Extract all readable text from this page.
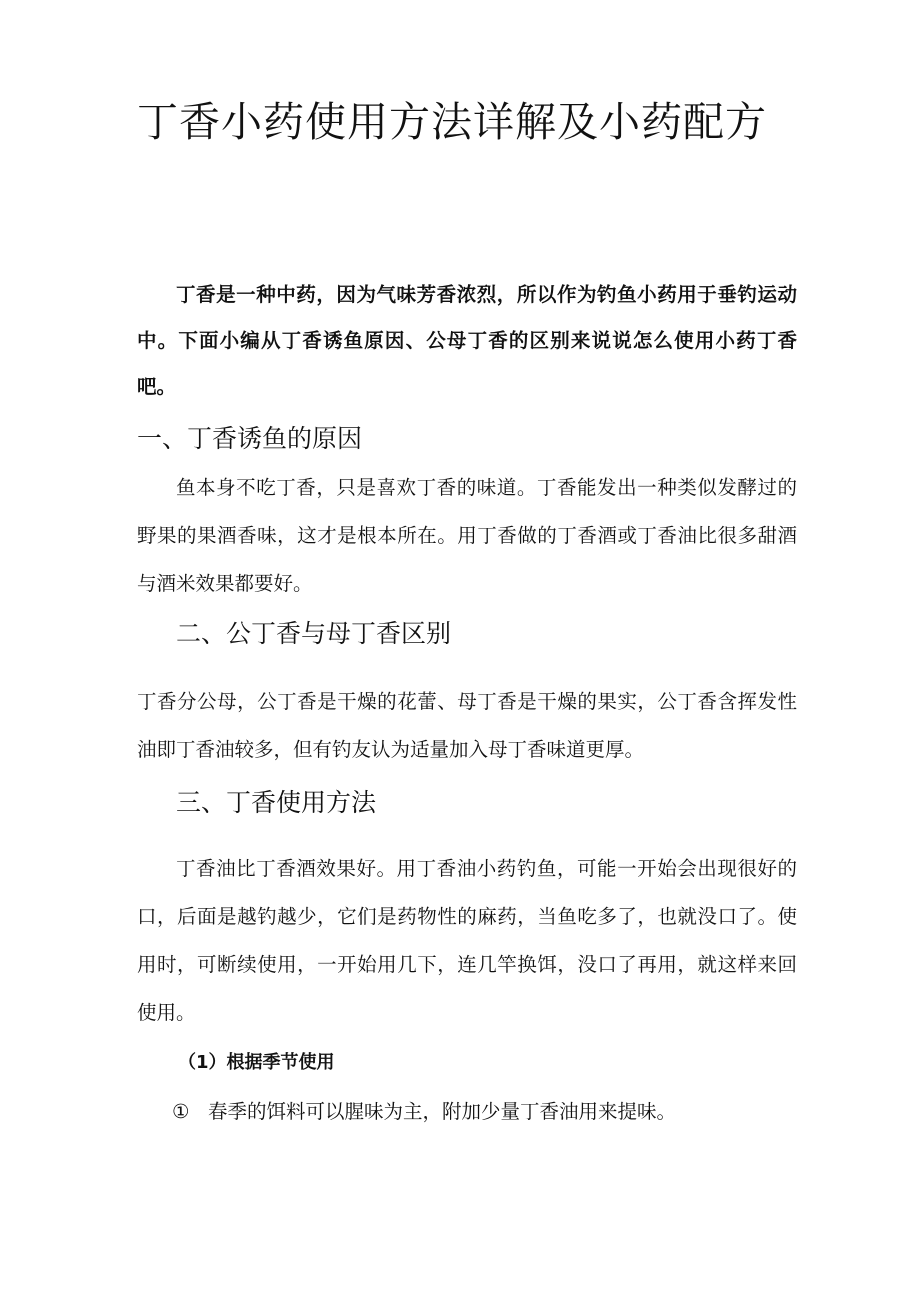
丁香小药使用方法详解及小药配方

丁香是一种中药，因为气味芳香浓烈，所以作为钓鱼小药用于垂钓运动中。下面小编从丁香诱鱼原因、公母丁香的区别来说说怎么使用小药丁香吧。

一、丁香诱鱼的原因

鱼本身不吃丁香，只是喜欢丁香的味道。丁香能发出一种类似发酵过的野果的果酒香味，这才是根本所在。用丁香做的丁香酒或丁香油比很多甜酒与酒米效果都要好。

二、公丁香与母丁香区别

丁香分公母，公丁香是干燥的花蕾、母丁香是干燥的果实，公丁香含挥发性油即丁香油较多，但有钓友认为适量加入母丁香味道更厚。

三、丁香使用方法

丁香油比丁香酒效果好。用丁香油小药钓鱼，可能一开始会出现很好的口，后面是越钓越少，它们是药物性的麻药，当鱼吃多了，也就没口了。使用时，可断续使用，一开始用几下，连几竿换饵，没口了再用，就这样来回使用。

（1）根据季节使用

① 春季的饵料可以腥味为主，附加少量丁香油用来提味。
